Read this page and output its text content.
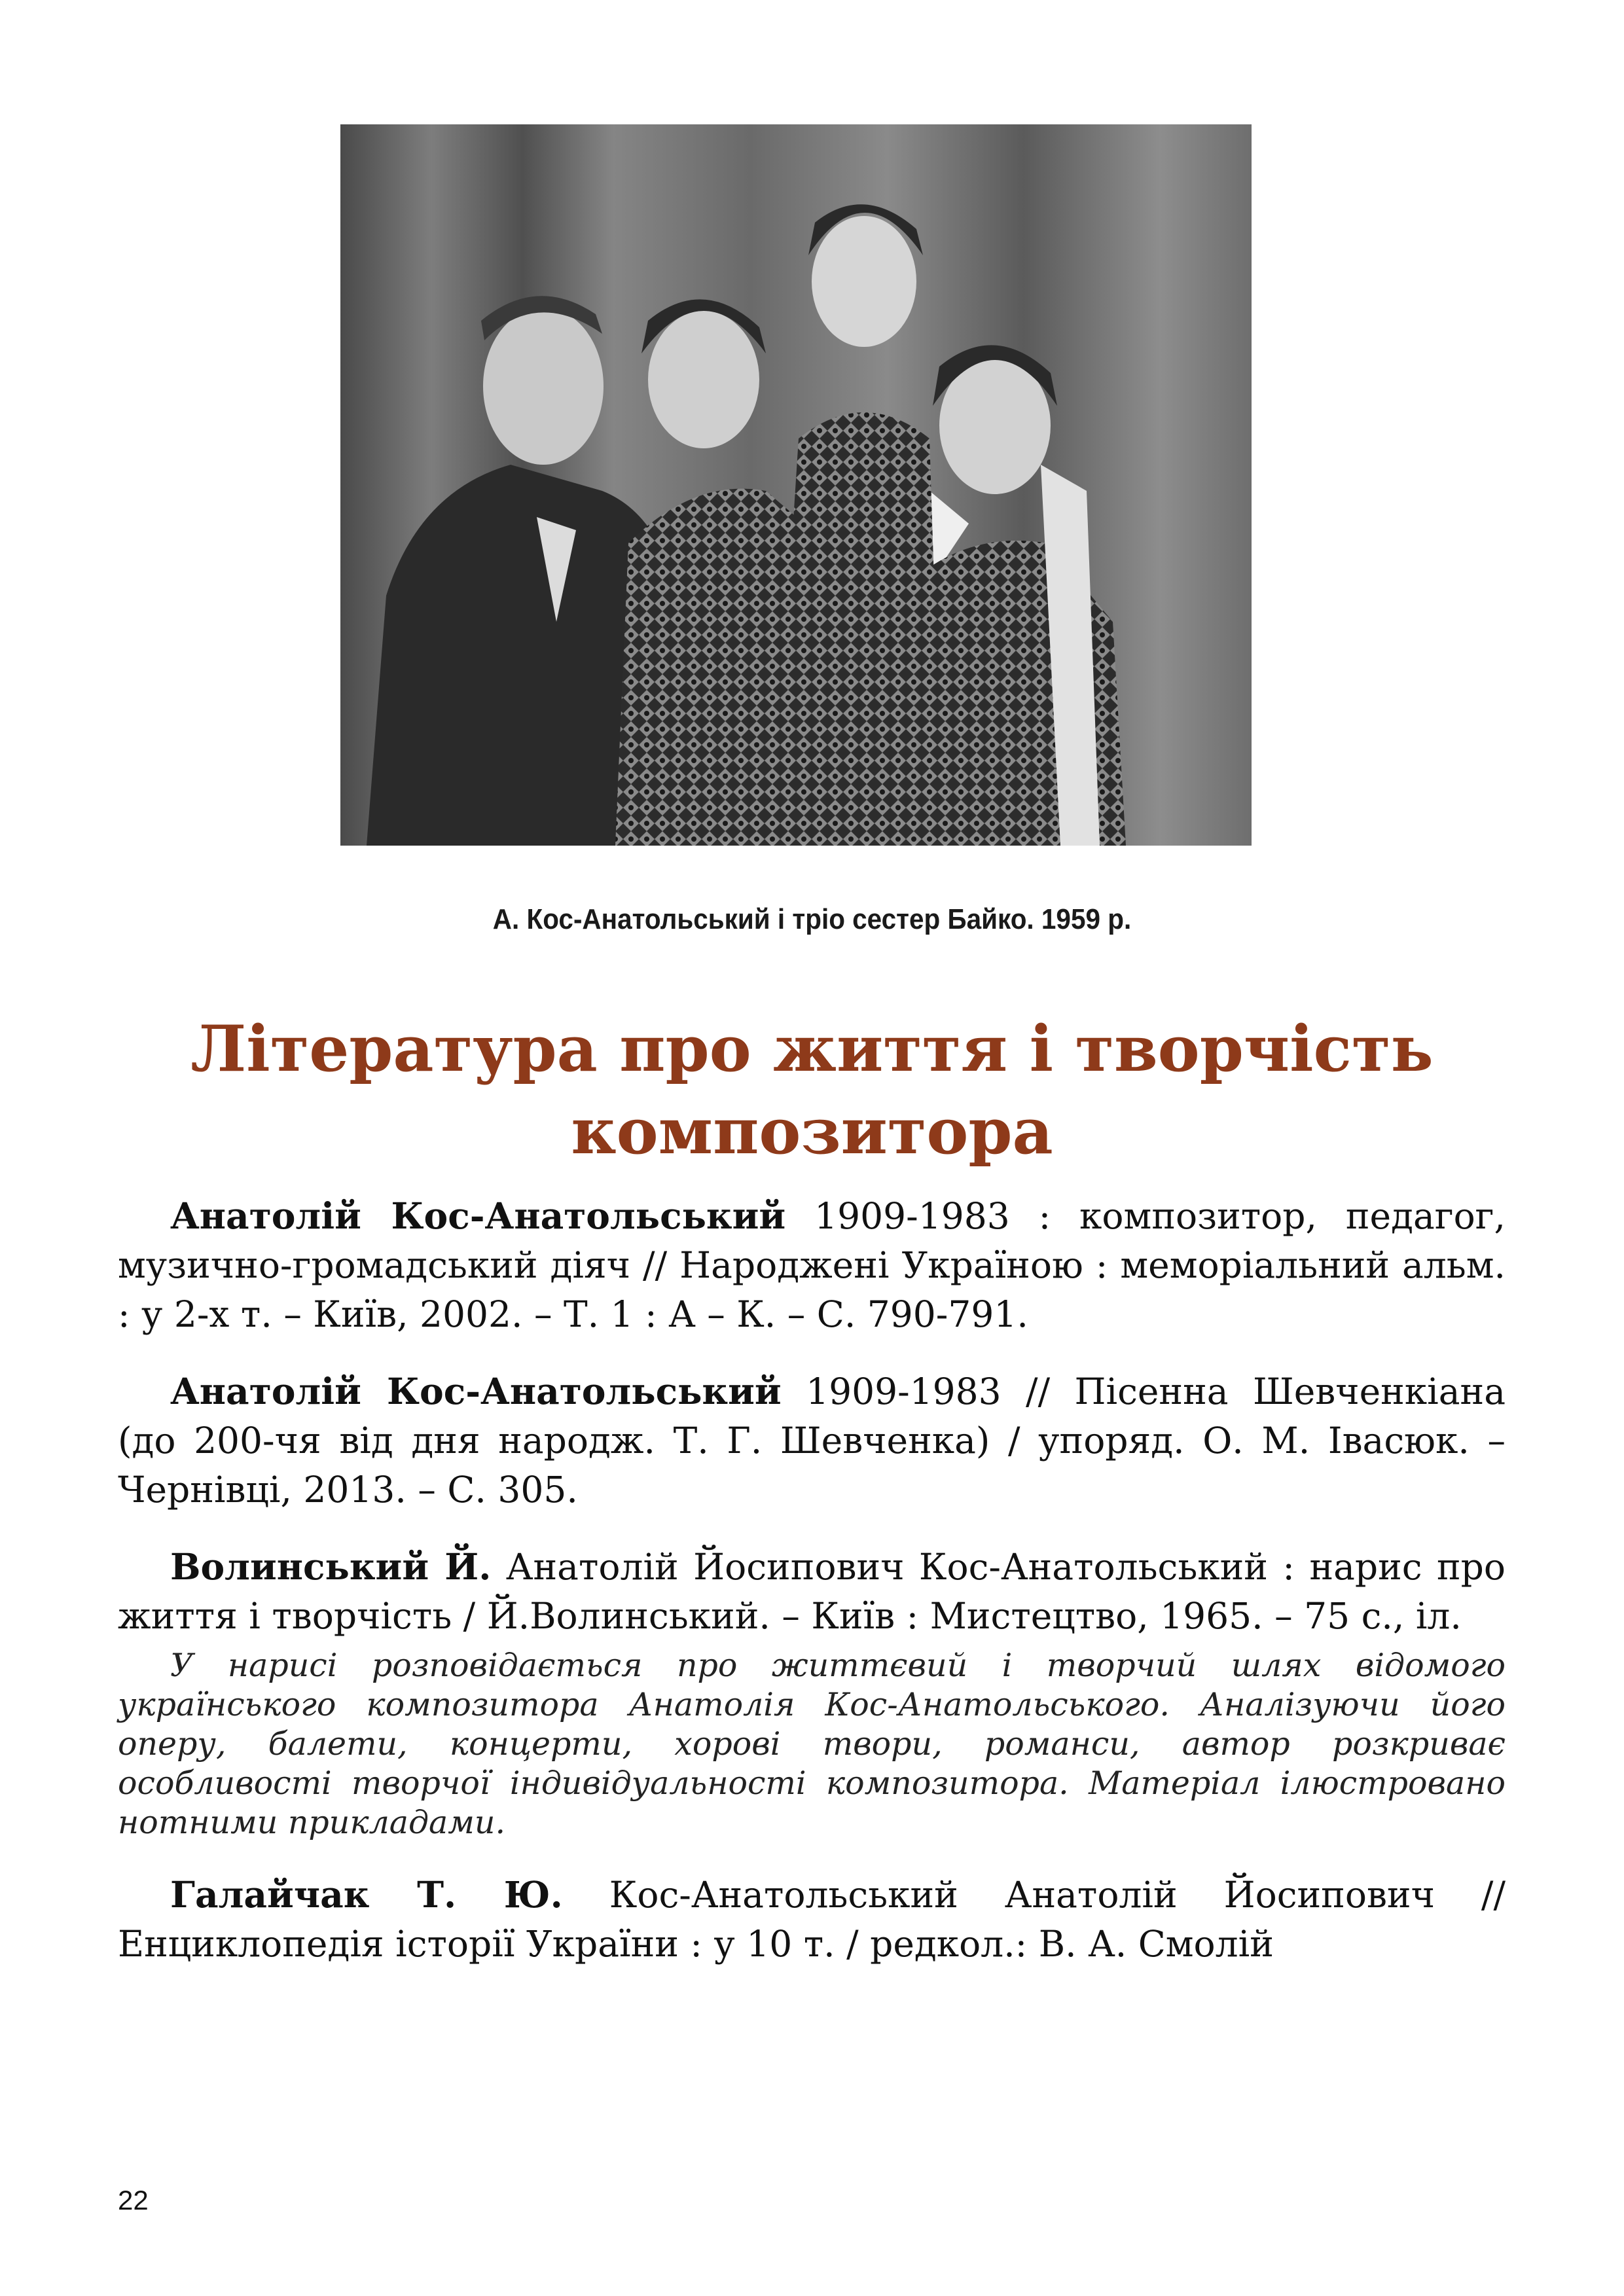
А. Кос-Анатольський і тріо сестер Байко. 1959 р.
Література про життя і творчість композитора

Анатолій Кос-Анатольський 1909-1983 : композитор, педагог, музично-громадський діяч // Народжені Україною : меморіальний альм. : у 2-х т. – Київ, 2002. – Т. 1 : А – К. – С. 790-791.

Анатолій Кос-Анатольський 1909-1983 // Пісенна Шевченкіана (до 200-чя від дня народж. Т. Г. Шевченка) / упоряд. О. М. Івасюк. – Чернівці, 2013. – С. 305.

Волинський Й. Анатолій Йосипович Кос-Анатольський : нарис про життя і творчість / Й.Волинський. – Київ : Мистецтво, 1965. – 75 с., іл.

У нарисі розповідається про життєвий і творчий шлях відомого українського композитора Анатолія Кос-Анатольського. Аналізуючи його оперу, балети, концерти, хорові твори, романси, автор розкриває особливості творчої індивідуальності композитора. Матеріал ілюстровано нотними прикладами.

Галайчак Т. Ю. Кос-Анатольський Анатолій Йосипович // Енциклопедія історії України : у 10 т. / редкол.: В. А. Смолій

22
